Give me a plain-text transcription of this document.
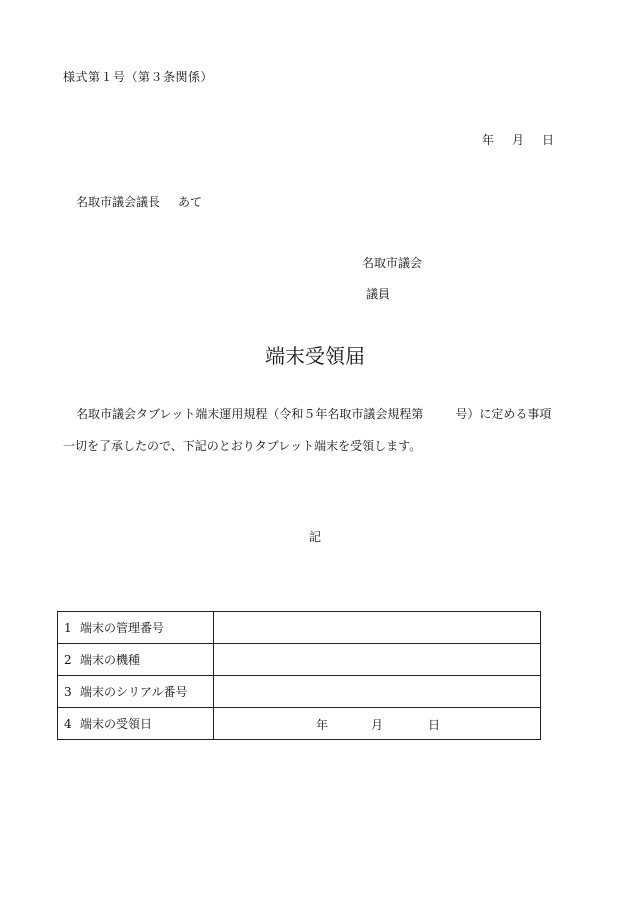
様式第１号（第３条関係）
年 月 日
名取市議会議長 あて
名取市議会
議員
端末受領届
名取市議会タブレット端末運用規程（令和５年名取市議会規程第	号）に定める事項
一切を了承したので、下記のとおりタブレット端末を受領します。
記
1 端末の管理番号	
2 端末の機種	
3 端末のシリアル番号	
4 端末の受領日	年 月 日
